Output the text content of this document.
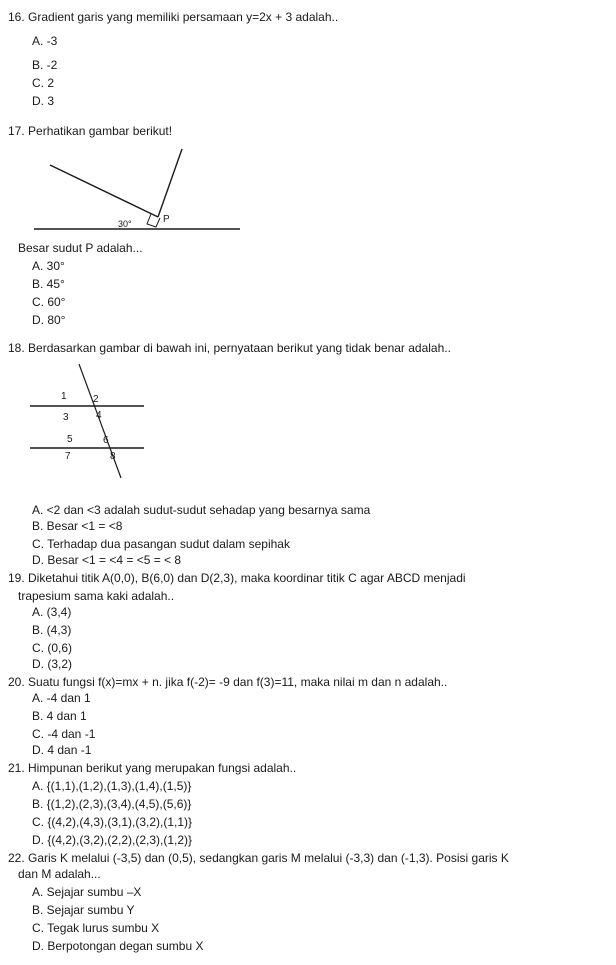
16. Gradient garis yang memiliki persamaan y=2x + 3 adalah..
A. -3
B. -2
C. 2
D. 3
17. Perhatikan gambar berikut!
30°	P
Besar sudut P adalah...
A. 30°
B. 45°
C. 60°
D. 80°
18. Berdasarkan gambar di bawah ini, pernyataan berikut yang tidak benar adalah..
1	2
3	4
5	6
7	8
A. <2 dan <3 adalah sudut-sudut sehadap yang besarnya sama
B. Besar <1 = <8
C. Terhadap dua pasangan sudut dalam sepihak
D. Besar <1 = <4 = <5 = < 8
19. Diketahui titik A(0,0), B(6,0) dan D(2,3), maka koordinar titik C agar ABCD menjadi
trapesium sama kaki adalah..
A. (3,4)
B. (4,3)
C. (0,6)
D. (3,2)
20. Suatu fungsi f(x)=mx + n. jika f(-2)= -9 dan f(3)=11, maka nilai m dan n adalah..
A. -4 dan 1
B. 4 dan 1
C. -4 dan -1
D. 4 dan -1
21. Himpunan berikut yang merupakan fungsi adalah..
A. {(1,1),(1,2),(1,3),(1,4),(1,5)}
B. {(1,2),(2,3),(3,4),(4,5),(5,6)}
C. {(4,2),(4,3),(3,1),(3,2),(1,1)}
D. {(4,2),(3,2),(2,2),(2,3),(1,2)}
22. Garis K melalui (-3,5) dan (0,5), sedangkan garis M melalui (-3,3) dan (-1,3). Posisi garis K
dan M adalah...
A. Sejajar sumbu –X
B. Sejajar sumbu Y
C. Tegak lurus sumbu X
D. Berpotongan degan sumbu X
